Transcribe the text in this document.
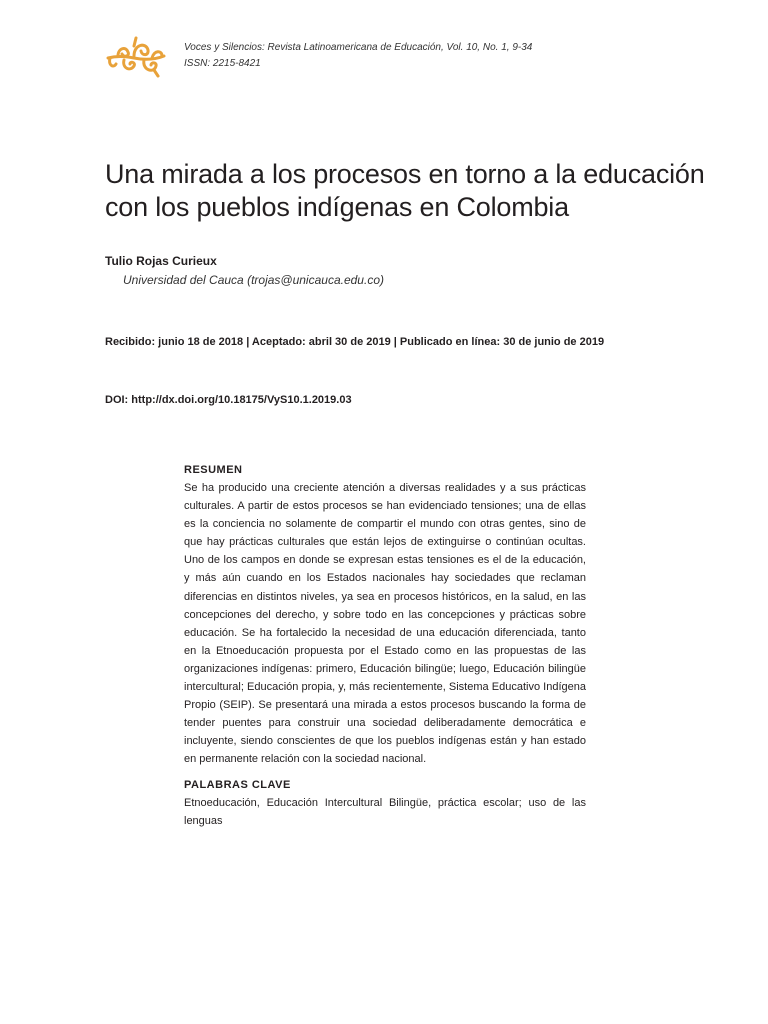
Voces y Silencios: Revista Latinoamericana de Educación, Vol. 10, No. 1, 9-34
ISSN: 2215-8421
Una mirada a los procesos en torno a la educación con los pueblos indígenas en Colombia
Tulio Rojas Curieux
Universidad del Cauca (trojas@unicauca.edu.co)
Recibido: junio 18 de 2018 | Aceptado: abril 30 de 2019 | Publicado en línea: 30 de junio de 2019
DOI: http://dx.doi.org/10.18175/VyS10.1.2019.03
RESUMEN

Se ha producido una creciente atención a diversas realidades y a sus prácticas culturales. A partir de estos procesos se han evidenciado tensiones; una de ellas es la conciencia no solamente de compartir el mundo con otras gentes, sino de que hay prácticas culturales que están lejos de extinguirse o continúan ocultas. Uno de los campos en donde se expresan estas tensiones es el de la educación, y más aún cuando en los Estados nacionales hay sociedades que reclaman diferencias en distintos niveles, ya sea en procesos históricos, en la salud, en las concepciones del derecho, y sobre todo en las concepciones y prácticas sobre educación. Se ha fortalecido la necesidad de una educación diferenciada, tanto en la Etnoeducación propuesta por el Estado como en las propuestas de las organizaciones indígenas: primero, Educación bilingüe; luego, Educación bilingüe intercultural; Educación propia, y, más recientemente, Sistema Educativo Indígena Propio (SEIP). Se presentará una mirada a estos procesos buscando la forma de tender puentes para construir una sociedad deliberadamente democrática e incluyente, siendo conscientes de que los pueblos indígenas están y han estado en permanente relación con la sociedad nacional.

PALABRAS CLAVE

Etnoeducación, Educación Intercultural Bilingüe, práctica escolar; uso de las lenguas
